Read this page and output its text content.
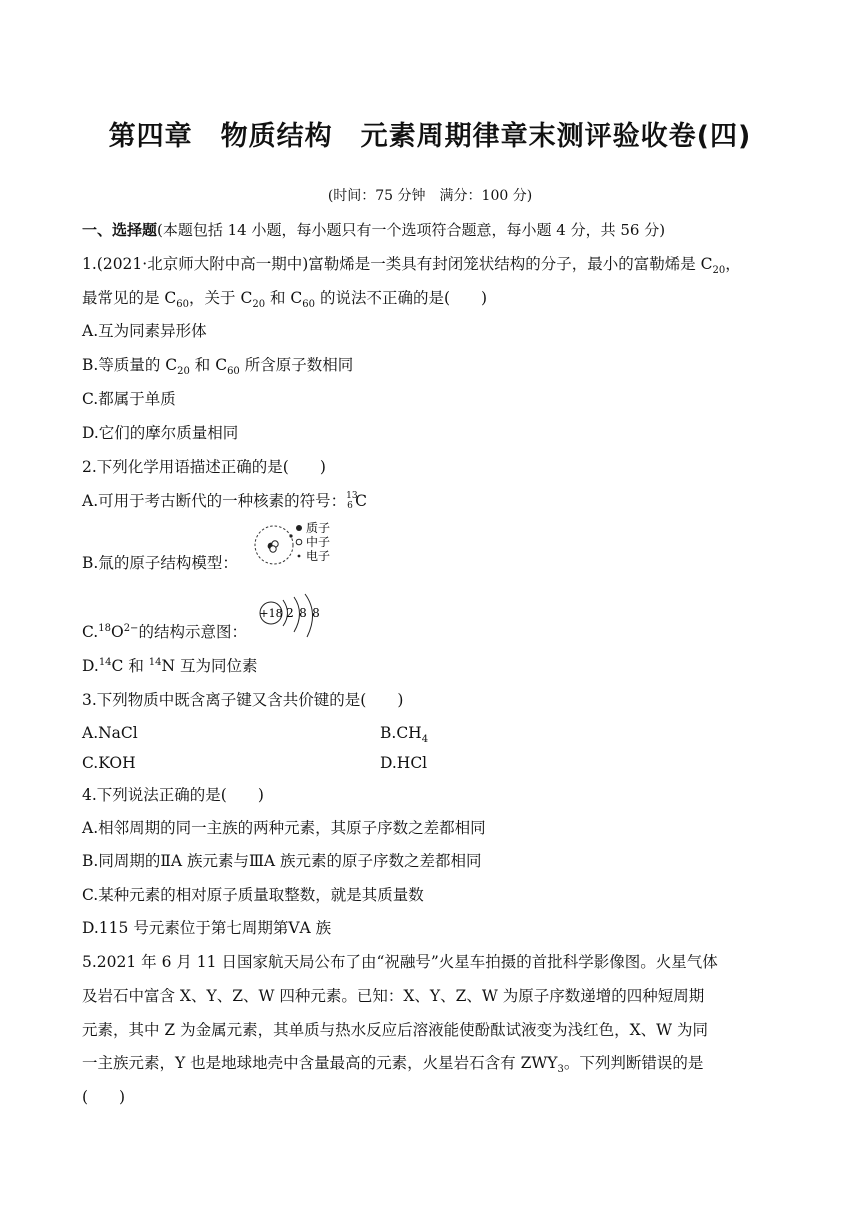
第四章　物质结构　元素周期律章末测评验收卷(四)
(时间：75 分钟　满分：100 分)
一、选择题(本题包括 14 小题，每小题只有一个选项符合题意，每小题 4 分，共 56 分)
1.(2021·北京师大附中高一期中)富勒烯是一类具有封闭笼状结构的分子，最小的富勒烯是 $C_{20}$，
最常见的是 $C_{60}$，关于 $C_{20}$ 和 $C_{60}$ 的说法不正确的是(　　)
A.互为同素异形体
B.等质量的 $C_{20}$ 和 $C_{60}$ 所含原子数相同
C.都属于单质
D.它们的摩尔质量相同
2.下列化学用语描述正确的是(　　)
A.可用于考古断代的一种核素的符号： 13
6 C
质子
中子
电子
B.氚的原子结构模型：
+18 2 8 8
$C.^{18}O^{2-}$的结构示意图：
D.$^{14}$C 和 $^{14}$N 互为同位素
3.下列物质中既含离子键又含共价键的是(　　)
A.NaCl	$B.CH_4$
C.KOH	D.HCl
4.下列说法正确的是(　　)
A.相邻周期的同一主族的两种元素，其原子序数之差都相同
B.同周期的ⅡA 族元素与ⅢA 族元素的原子序数之差都相同
C.某种元素的相对原子质量取整数，就是其质量数
D.115 号元素位于第七周期第ⅤA 族
5.2021 年 6 月 11 日国家航天局公布了由“祝融号”火星车拍摄的首批科学影像图。火星气体
及岩石中富含 X、Y、Z、W 四种元素。已知：X、Y、Z、W 为原子序数递增的四种短周期
元素，其中 Z 为金属元素，其单质与热水反应后溶液能使酚酞试液变为浅红色，X、W 为同
一主族元素，Y 也是地球地壳中含量最高的元素，火星岩石含有 $ZWY_3$。下列判断错误的是
(　　)
